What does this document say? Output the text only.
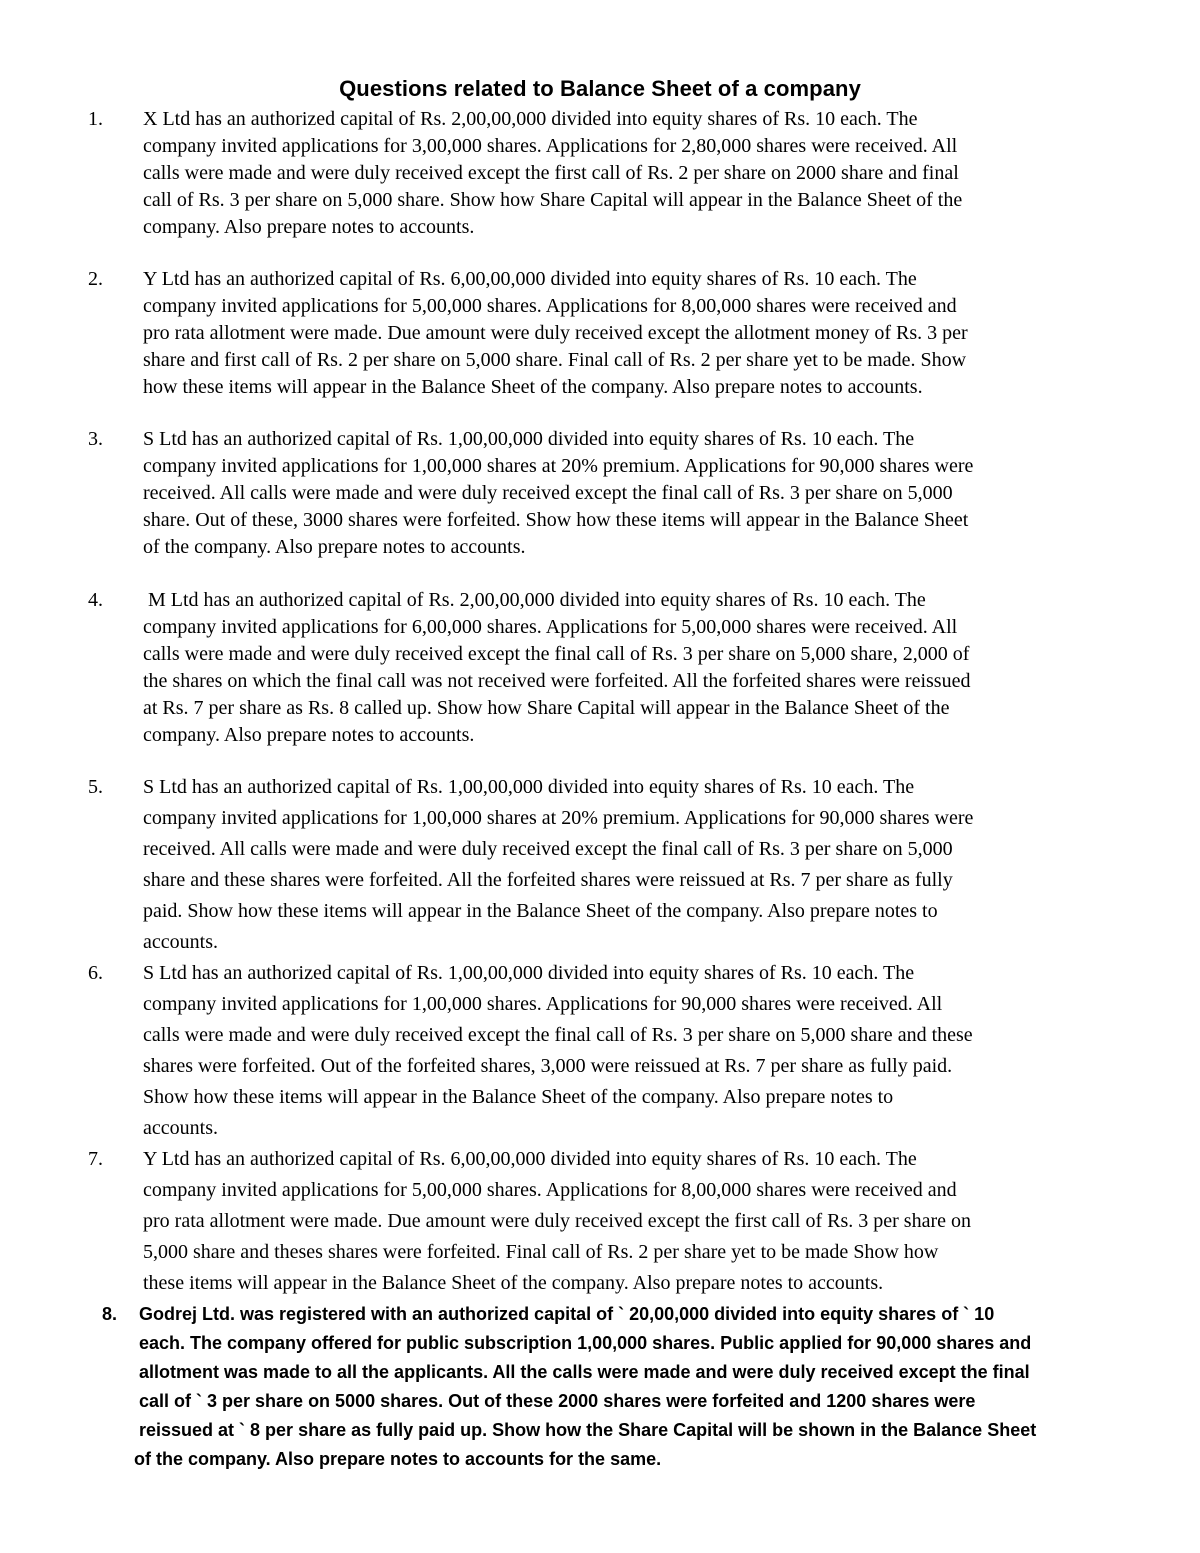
Questions related to Balance Sheet of a company
1. X Ltd has an authorized capital of Rs. 2,00,00,000 divided into equity shares of Rs. 10 each. The
company invited applications for 3,00,000 shares. Applications for 2,80,000 shares were received. All
calls were made and were duly received except the first call of Rs. 2 per share on 2000 share and final
call of Rs. 3 per share on 5,000 share. Show how Share Capital will appear in the Balance Sheet of the
company. Also prepare notes to accounts.
2. Y Ltd has an authorized capital of Rs. 6,00,00,000 divided into equity shares of Rs. 10 each. The
company invited applications for 5,00,000 shares. Applications for 8,00,000 shares were received and
pro rata allotment were made. Due amount were duly received except the allotment money of Rs. 3 per
share and first call of Rs. 2 per share on 5,000 share. Final call of Rs. 2 per share yet to be made. Show
how these items will appear in the Balance Sheet of the company. Also prepare notes to accounts.
3. S Ltd has an authorized capital of Rs. 1,00,00,000 divided into equity shares of Rs. 10 each. The
company invited applications for 1,00,000 shares at 20% premium. Applications for 90,000 shares were
received. All calls were made and were duly received except the final call of Rs. 3 per share on 5,000
share. Out of these, 3000 shares were forfeited. Show how these items will appear in the Balance Sheet
of the company. Also prepare notes to accounts.
4. M Ltd has an authorized capital of Rs. 2,00,00,000 divided into equity shares of Rs. 10 each. The
company invited applications for 6,00,000 shares. Applications for 5,00,000 shares were received. All
calls were made and were duly received except the final call of Rs. 3 per share on 5,000 share, 2,000 of
the shares on which the final call was not received were forfeited. All the forfeited shares were reissued
at Rs. 7 per share as Rs. 8 called up. Show how Share Capital will appear in the Balance Sheet of the
company. Also prepare notes to accounts.
5. S Ltd has an authorized capital of Rs. 1,00,00,000 divided into equity shares of Rs. 10 each. The
company invited applications for 1,00,000 shares at 20% premium. Applications for 90,000 shares were
received. All calls were made and were duly received except the final call of Rs. 3 per share on 5,000
share and these shares were forfeited. All the forfeited shares were reissued at Rs. 7 per share as fully
paid. Show how these items will appear in the Balance Sheet of the company. Also prepare notes to
accounts.
6. S Ltd has an authorized capital of Rs. 1,00,00,000 divided into equity shares of Rs. 10 each. The
company invited applications for 1,00,000 shares. Applications for 90,000 shares were received. All
calls were made and were duly received except the final call of Rs. 3 per share on 5,000 share and these
shares were forfeited. Out of the forfeited shares, 3,000 were reissued at Rs. 7 per share as fully paid.
Show how these items will appear in the Balance Sheet of the company. Also prepare notes to
accounts.
7. Y Ltd has an authorized capital of Rs. 6,00,00,000 divided into equity shares of Rs. 10 each. The
company invited applications for 5,00,000 shares. Applications for 8,00,000 shares were received and
pro rata allotment were made. Due amount were duly received except the first call of Rs. 3 per share on
5,000 share and theses shares were forfeited. Final call of Rs. 2 per share yet to be made Show how
these items will appear in the Balance Sheet of the company. Also prepare notes to accounts.
8. Godrej Ltd. was registered with an authorized capital of ` 20,00,000 divided into equity shares of ` 10
each. The company offered for public subscription 1,00,000 shares. Public applied for 90,000 shares and
allotment was made to all the applicants. All the calls were made and were duly received except the final
call of ` 3 per share on 5000 shares. Out of these 2000 shares were forfeited and 1200 shares were
reissued at ` 8 per share as fully paid up. Show how the Share Capital will be shown in the Balance Sheet
of the company. Also prepare notes to accounts for the same.
